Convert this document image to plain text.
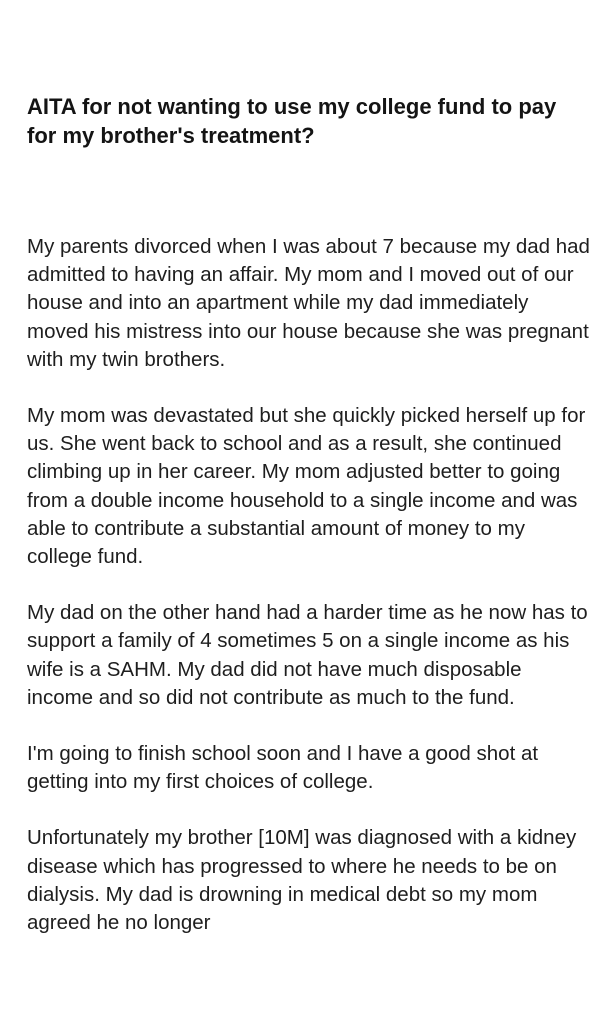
AITA for not wanting to use my college fund to pay for my brother's treatment?

My parents divorced when I was about 7 because my dad had admitted to having an affair. My mom and I moved out of our house and into an apartment while my dad immediately moved his mistress into our house because she was pregnant with my twin brothers.

My mom was devastated but she quickly picked herself up for us. She went back to school and as a result, she continued climbing up in her career. My mom adjusted better to going from a double income household to a single income and was able to contribute a substantial amount of money to my college fund.

My dad on the other hand had a harder time as he now has to support a family of 4 sometimes 5 on a single income as his wife is a SAHM. My dad did not have much disposable income and so did not contribute as much to the fund.

I'm going to finish school soon and I have a good shot at getting into my first choices of college.

Unfortunately my brother [10M] was diagnosed with a kidney disease which has progressed to where he needs to be on dialysis. My dad is drowning in medical debt so my mom agreed he no longer
